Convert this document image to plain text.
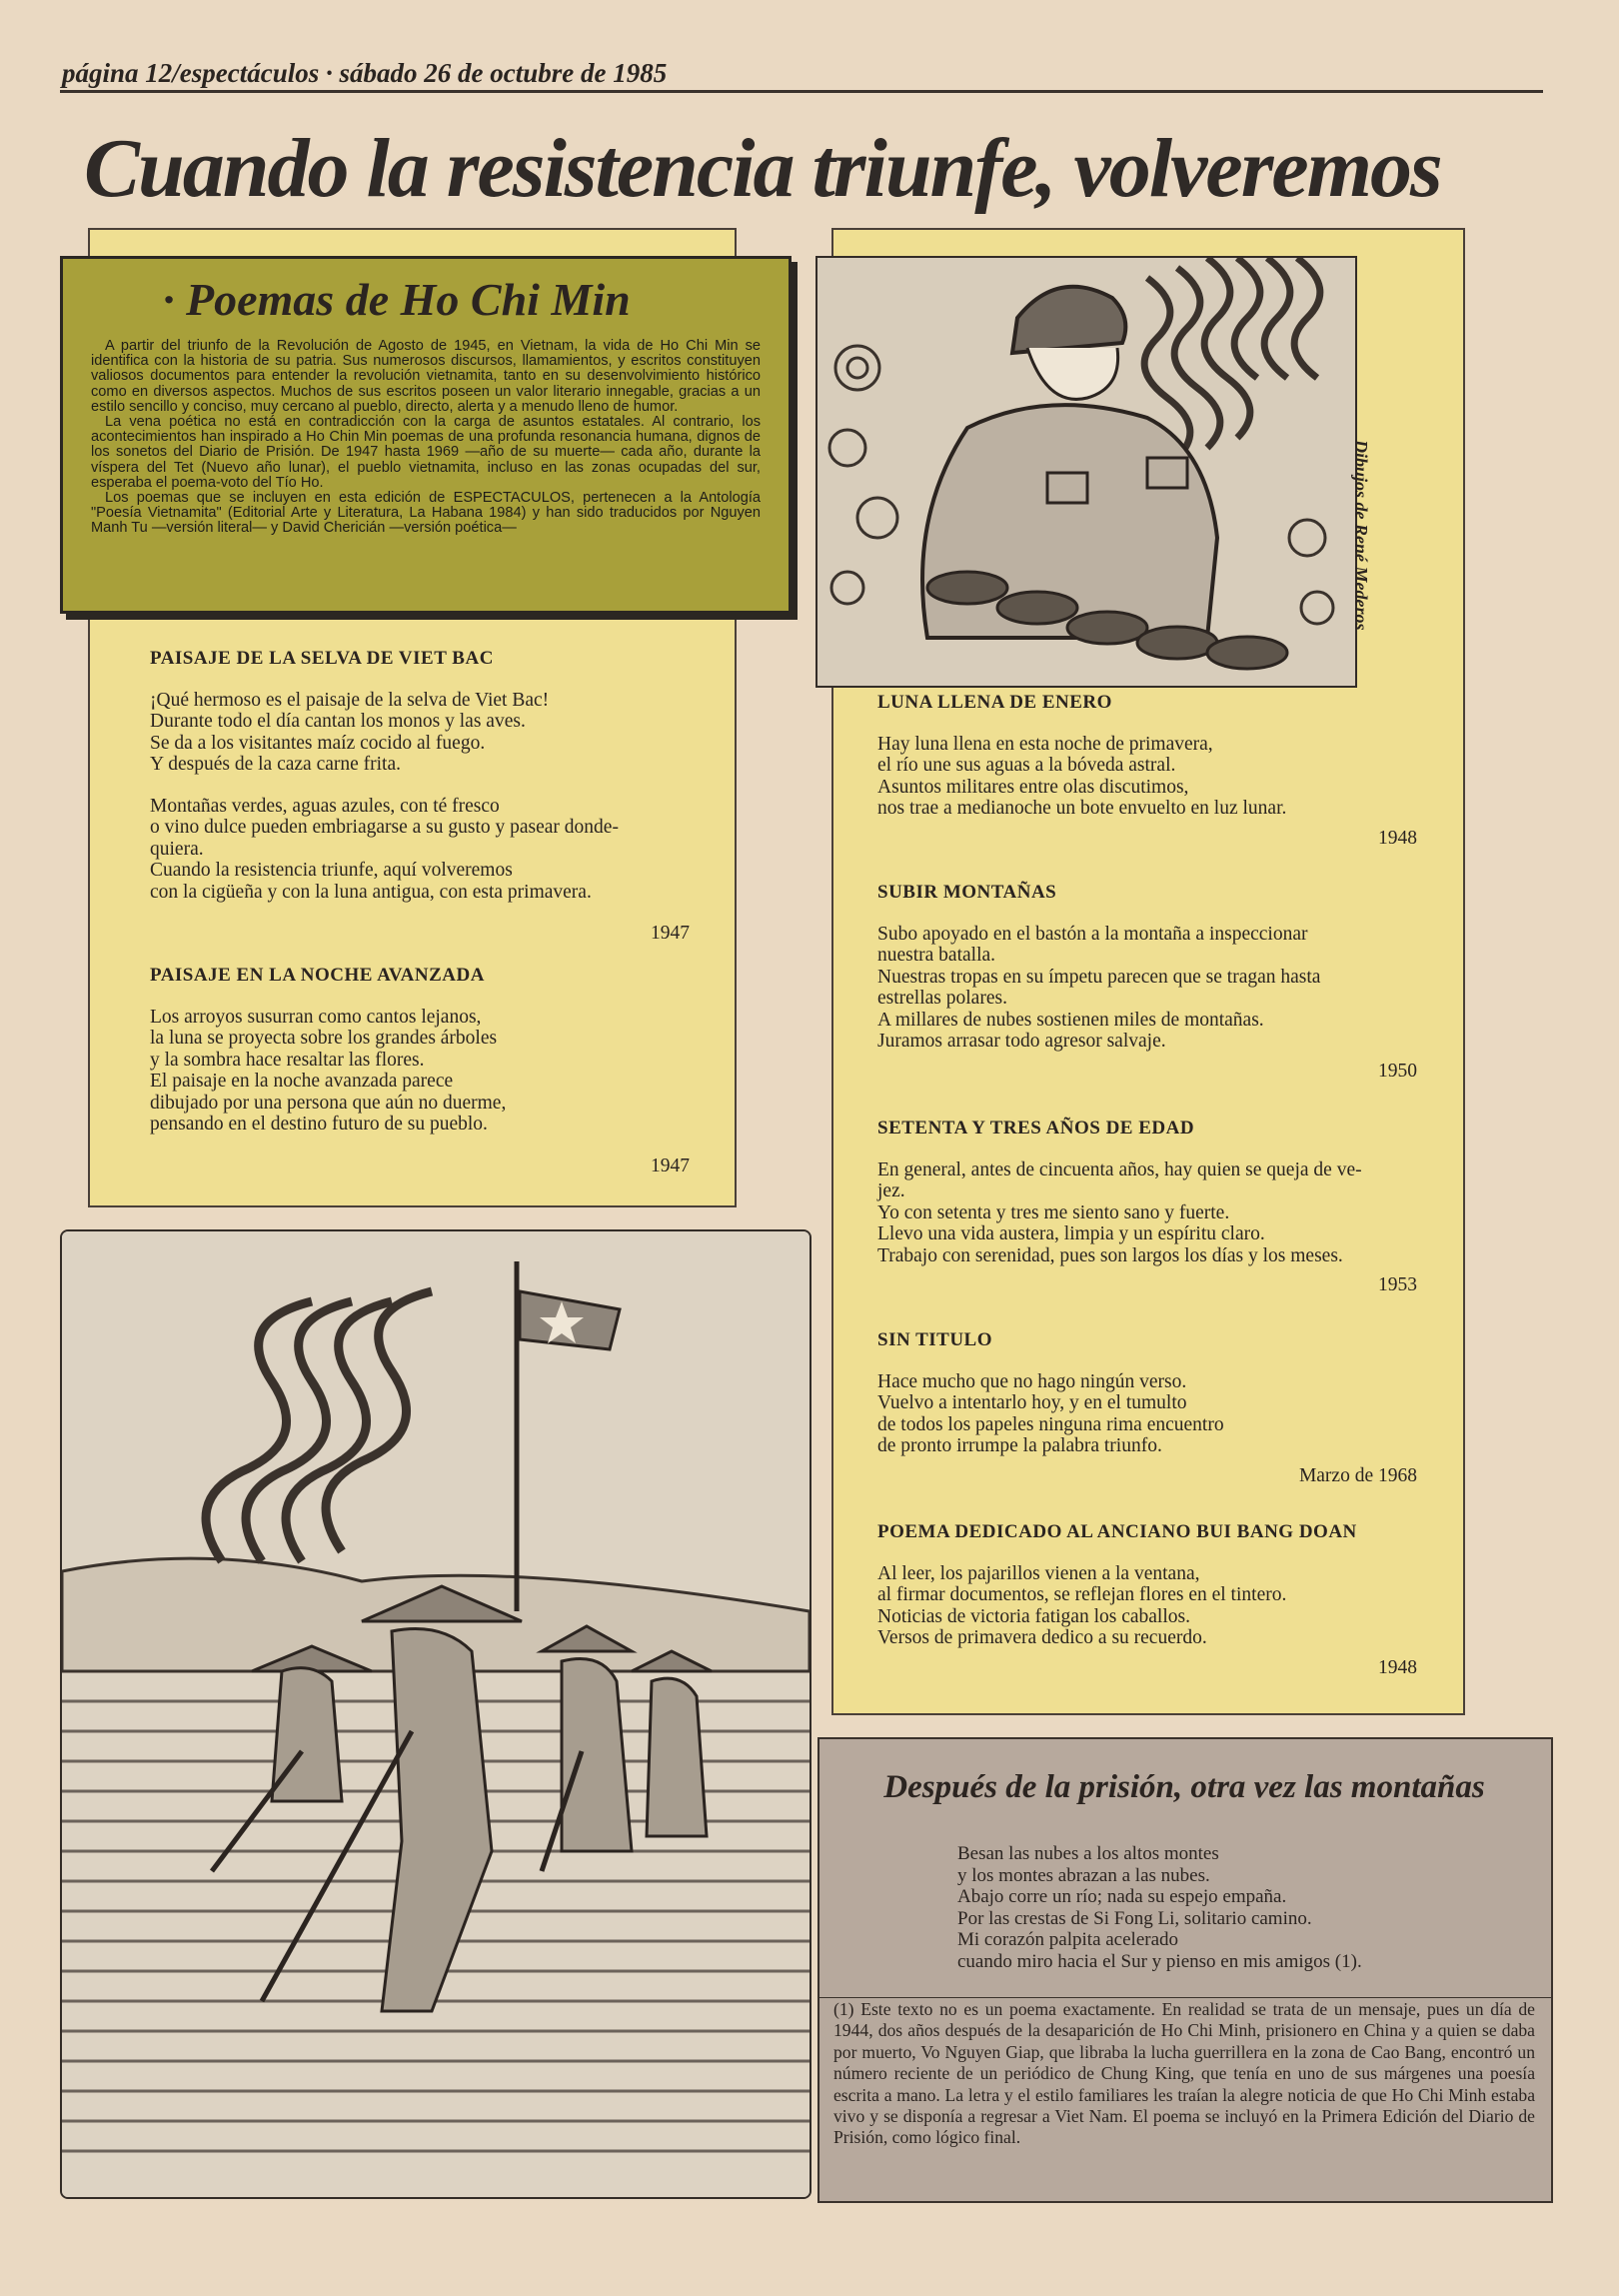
página 12/espectáculos · sábado 26 de octubre de 1985
Cuando la resistencia triunfe, volveremos
· Poemas de Ho Chi Min

A partir del triunfo de la Revolución de Agosto de 1945, en Vietnam, la vida de Ho Chi Min se identifica con la historia de su patria. Sus numerosos discursos, llamamientos, y escritos constituyen valiosos documentos para entender la revolución vietnamita, tanto en su desenvolvimiento histórico como en diversos aspectos. Muchos de sus escritos poseen un valor literario innegable, gracias a un estilo sencillo y conciso, muy cercano al pueblo, directo, alerta y a menudo lleno de humor.

La vena poética no está en contradicción con la carga de asuntos estatales. Al contrario, los acontecimientos han inspirado a Ho Chin Min poemas de una profunda resonancia humana, dignos de los sonetos del Diario de Prisión. De 1947 hasta 1969 —año de su muerte— cada año, durante la víspera del Tet (Nuevo año lunar), el pueblo vietnamita, incluso en las zonas ocupadas del sur, esperaba el poema-voto del Tío Ho.

Los poemas que se incluyen en esta edición de ESPECTACULOS, pertenecen a la Antología "Poesía Vietnamita" (Editorial Arte y Literatura, La Habana 1984) y han sido traducidos por Nguyen Manh Tu —versión literal— y David Chericián —versión poética—

PAISAJE DE LA SELVA DE VIET BAC
¡Qué hermoso es el paisaje de la selva de Viet Bac!
Durante todo el día cantan los monos y las aves.
Se da a los visitantes maíz cocido al fuego.
Y después de la caza carne frita.
Montañas verdes, aguas azules, con té fresco
o vino dulce pueden embriagarse a su gusto y pasear donde-
quiera.
Cuando la resistencia triunfe, aquí volveremos
con la cigüeña y con la luna antigua, con esta primavera.
1947
PAISAJE EN LA NOCHE AVANZADA
Los arroyos susurran como cantos lejanos,
la luna se proyecta sobre los grandes árboles
y la sombra hace resaltar las flores.
El paisaje en la noche avanzada parece
dibujado por una persona que aún no duerme,
pensando en el destino futuro de su pueblo.
1947
Dibujos de René Mederos
LUNA LLENA DE ENERO
Hay luna llena en esta noche de primavera,
el río une sus aguas a la bóveda astral.
Asuntos militares entre olas discutimos,
nos trae a medianoche un bote envuelto en luz lunar.
1948
SUBIR MONTAÑAS
Subo apoyado en el bastón a la montaña a inspeccionar
nuestra batalla.
Nuestras tropas en su ímpetu parecen que se tragan hasta
estrellas polares.
A millares de nubes sostienen miles de montañas.
Juramos arrasar todo agresor salvaje.
1950
SETENTA Y TRES AÑOS DE EDAD
En general, antes de cincuenta años, hay quien se queja de ve-
jez.
Yo con setenta y tres me siento sano y fuerte.
Llevo una vida austera, limpia y un espíritu claro.
Trabajo con serenidad, pues son largos los días y los meses.
1953
SIN TITULO
Hace mucho que no hago ningún verso.
Vuelvo a intentarlo hoy, y en el tumulto
de todos los papeles ninguna rima encuentro
de pronto irrumpe la palabra triunfo.
Marzo de 1968
POEMA DEDICADO AL ANCIANO BUI BANG DOAN
Al leer, los pajarillos vienen a la ventana,
al firmar documentos, se reflejan flores en el tintero.
Noticias de victoria fatigan los caballos.
Versos de primavera dedico a su recuerdo.
1948
Después de la prisión, otra vez las montañas
Besan las nubes a los altos montes
y los montes abrazan a las nubes.
Abajo corre un río; nada su espejo empaña.
Por las crestas de Si Fong Li, solitario camino.
Mi corazón palpita acelerado
cuando miro hacia el Sur y pienso en mis amigos (1).
(1) Este texto no es un poema exactamente. En realidad se trata de un mensaje, pues un día de 1944, dos años después de la desaparición de Ho Chi Minh, prisionero en China y a quien se daba por muerto, Vo Nguyen Giap, que libraba la lucha guerrillera en la zona de Cao Bang, encontró un número reciente de un periódico de Chung King, que tenía en uno de sus márgenes una poesía escrita a mano. La letra y el estilo familiares les traían la alegre noticia de que Ho Chi Minh estaba vivo y se disponía a regresar a Viet Nam. El poema se incluyó en la Primera Edición del Diario de Prisión, como lógico final.
